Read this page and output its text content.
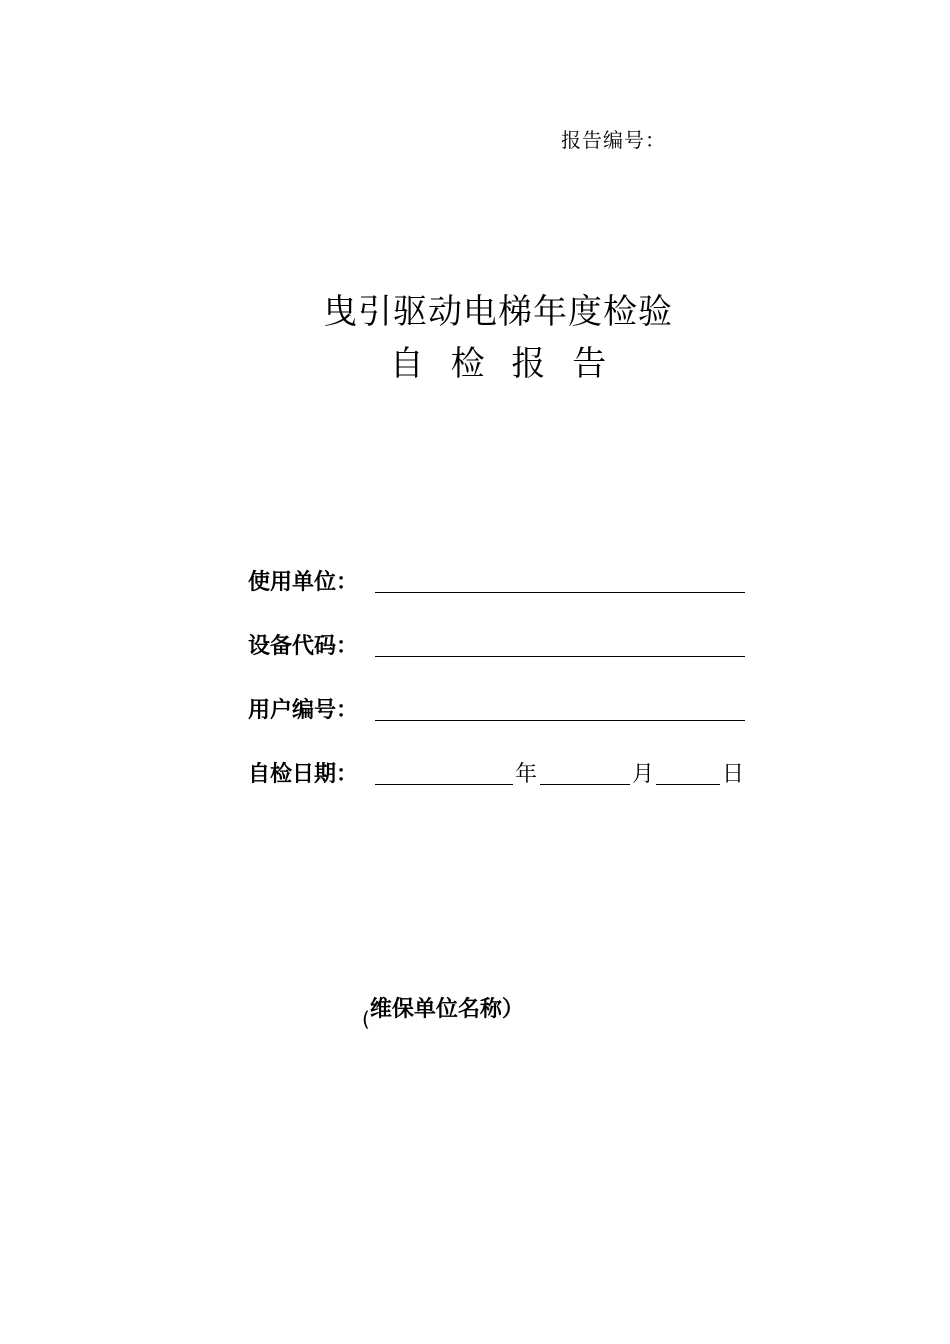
报告编号：
曳引驱动电梯年度检验
自 检 报 告
使用单位：
设备代码：
用户编号：
自检日期：	年	月	日
(维保单位名称）
